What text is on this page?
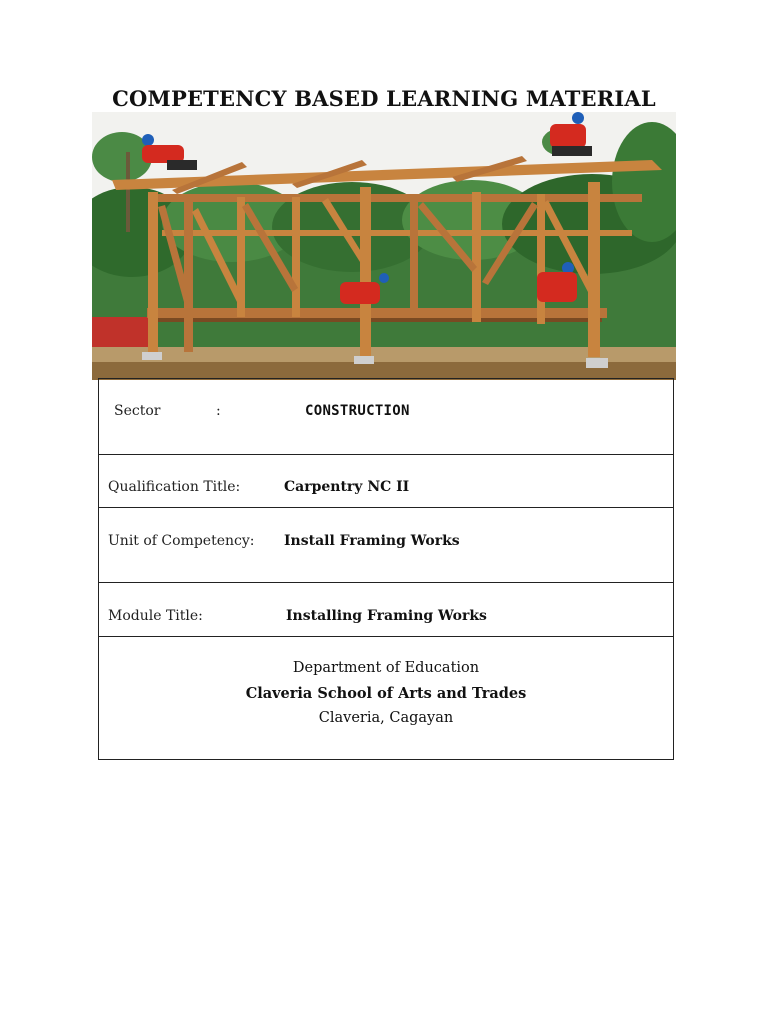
COMPETENCY BASED LEARNING MATERIAL
Sector	:	CONSTRUCTION
Qualification Title:	Carpentry NC II
Unit of Competency: Install Framing Works
Module Title:	Installing Framing Works
Department of Education
Claveria School of Arts and Trades
Claveria, Cagayan
